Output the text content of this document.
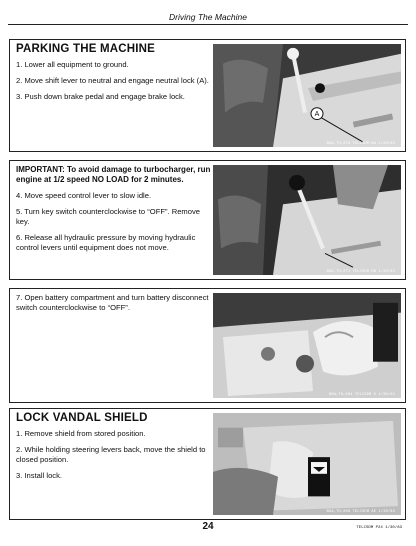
Driving The Machine
PARKING THE MACHINE

1. Lower all equipment to ground.

2. Move shift lever to neutral and engage neutral lock (A).

3. Push down brake pedal and engage brake lock.

A
B6A,TH,070 TELCSDM BA 1/30/83

IMPORTANT: To avoid damage to turbocharger, run engine at 1/2 speed NO LOAD for 2 minutes.

4. Move speed control lever to slow idle.

5. Turn key switch counterclockwise to “OFF”. Remove key.

6. Release all hydraulic pressure by moving hydraulic control levers until equipment does not move.

B6A,TH,071 TELCSDM BB 1/30/83

7. Open battery compartment and turn battery disconnect switch counterclockwise to “OFF”.

B6A,TH,064 TELCSDM K 1/30/83
LOCK VANDAL SHIELD

1. Remove shield from stored position.

2. While holding steering levers back, move the shield to closed position.

3. Install lock.

B6A,TH,066 TELCSDM AE 1/30/83
24	TELCSDM P24 1/30/83
